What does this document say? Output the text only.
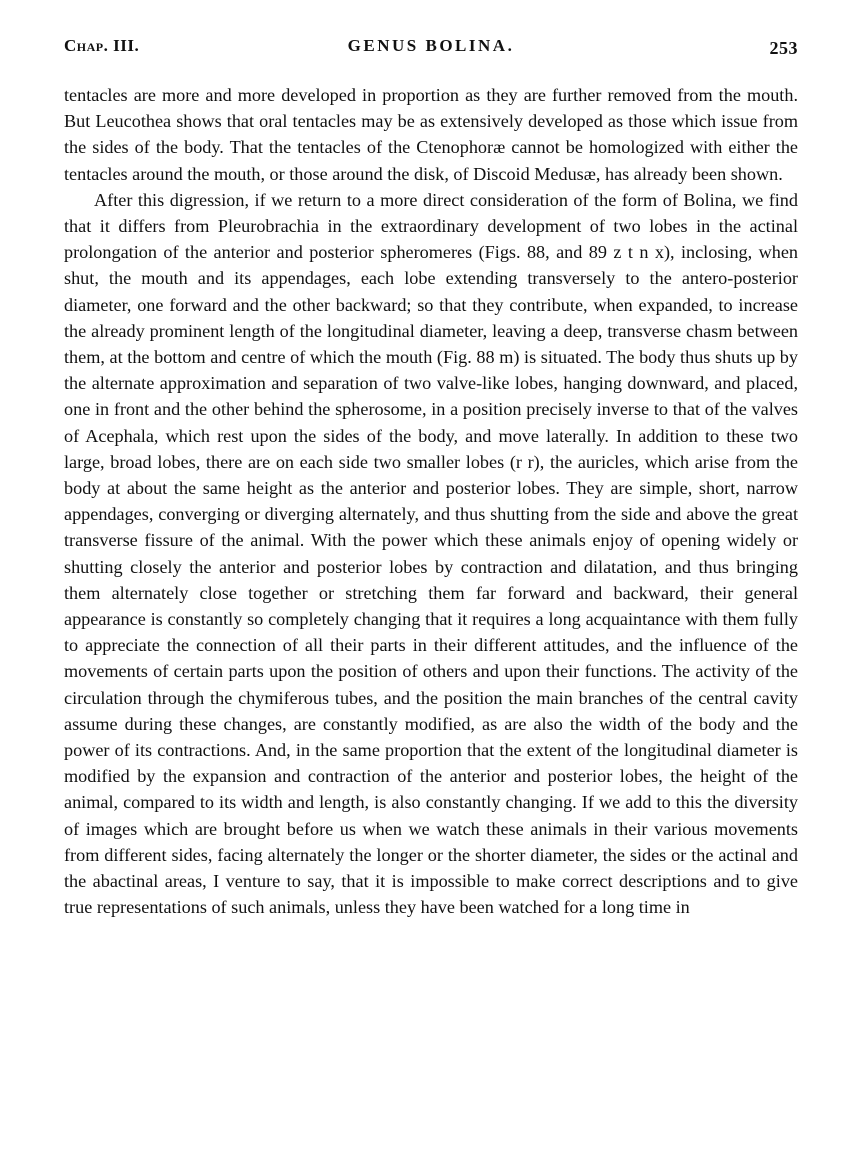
Chap. III.	GENUS BOLINA.	253

tentacles are more and more developed in proportion as they are further removed from the mouth. But Leucothea shows that oral tentacles may be as extensively developed as those which issue from the sides of the body. That the tentacles of the Ctenophoræ cannot be homologized with either the tentacles around the mouth, or those around the disk, of Discoid Medusæ, has already been shown.

After this digression, if we return to a more direct consideration of the form of Bolina, we find that it differs from Pleurobrachia in the extraordinary development of two lobes in the actinal prolongation of the anterior and posterior spheromeres (Figs. 88, and 89 z t n x), inclosing, when shut, the mouth and its appendages, each lobe extending transversely to the antero-posterior diameter, one forward and the other backward; so that they contribute, when expanded, to increase the already prominent length of the longitudinal diameter, leaving a deep, transverse chasm between them, at the bottom and centre of which the mouth (Fig. 88 m) is situated. The body thus shuts up by the alternate approximation and separation of two valve-like lobes, hanging downward, and placed, one in front and the other behind the spherosome, in a position precisely inverse to that of the valves of Acephala, which rest upon the sides of the body, and move laterally. In addition to these two large, broad lobes, there are on each side two smaller lobes (r r), the auricles, which arise from the body at about the same height as the anterior and posterior lobes. They are simple, short, narrow appendages, converging or diverging alternately, and thus shutting from the side and above the great transverse fissure of the animal. With the power which these animals enjoy of opening widely or shutting closely the anterior and posterior lobes by contraction and dilatation, and thus bringing them alternately close together or stretching them far forward and backward, their general appearance is constantly so completely changing that it requires a long acquaintance with them fully to appreciate the connection of all their parts in their different attitudes, and the influence of the movements of certain parts upon the position of others and upon their functions. The activity of the circulation through the chymiferous tubes, and the position the main branches of the central cavity assume during these changes, are constantly modified, as are also the width of the body and the power of its contractions. And, in the same proportion that the extent of the longitudinal diameter is modified by the expansion and contraction of the anterior and posterior lobes, the height of the animal, compared to its width and length, is also constantly changing. If we add to this the diversity of images which are brought before us when we watch these animals in their various movements from different sides, facing alternately the longer or the shorter diameter, the sides or the actinal and the abactinal areas, I venture to say, that it is impossible to make correct descriptions and to give true representations of such animals, unless they have been watched for a long time in
